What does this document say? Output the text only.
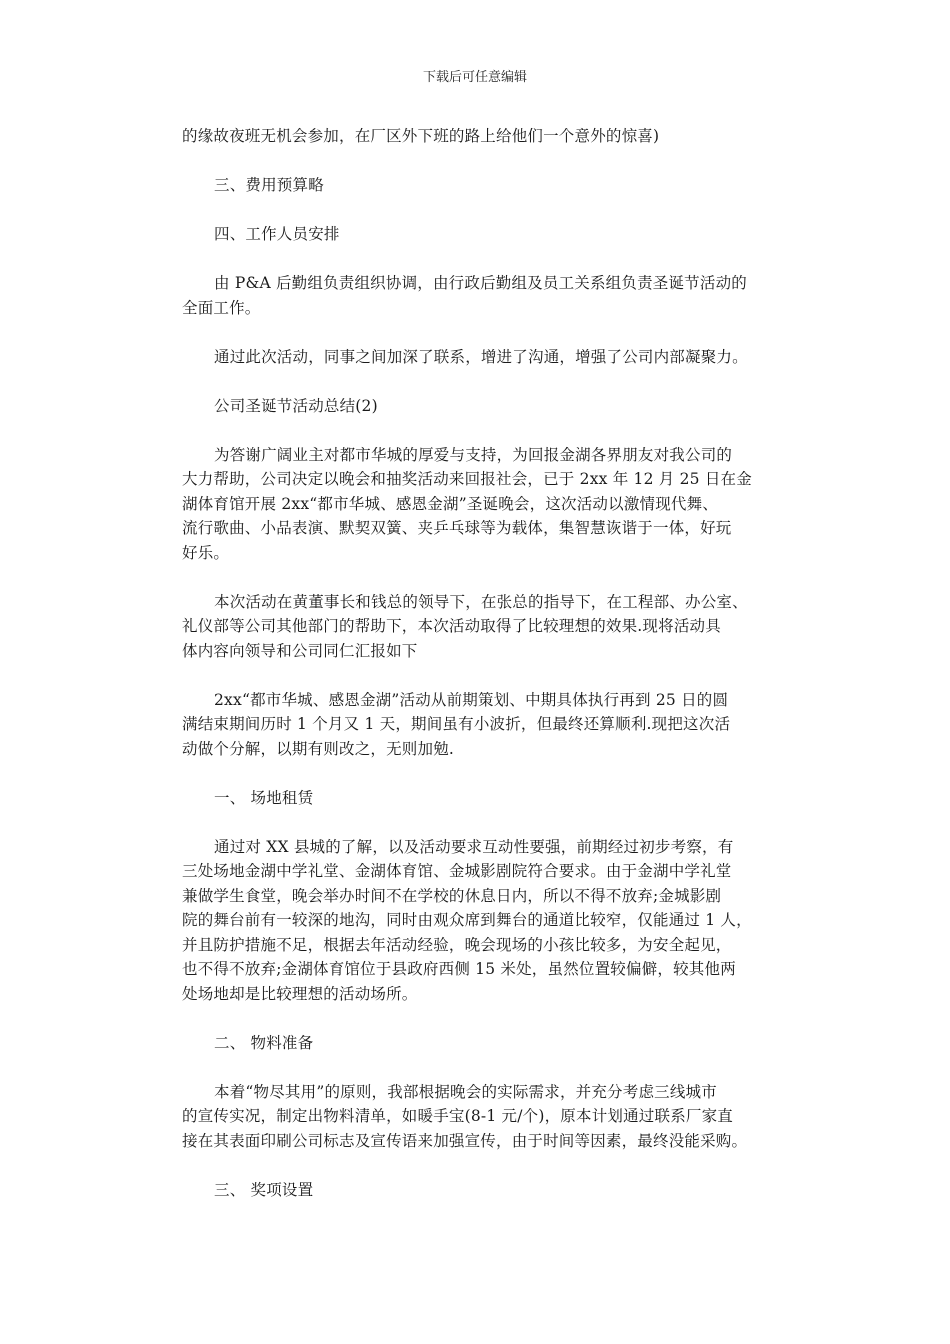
下载后可任意编辑
的缘故夜班无机会参加，在厂区外下班的路上给他们一个意外的惊喜)
三、费用预算略
四、工作人员安排
由 P&A 后勤组负责组织协调，由行政后勤组及员工关系组负责圣诞节活动的
全面工作。
通过此次活动，同事之间加深了联系，增进了沟通，增强了公司内部凝聚力。
公司圣诞节活动总结(2)
为答谢广阔业主对都市华城的厚爱与支持，为回报金湖各界朋友对我公司的
大力帮助，公司决定以晚会和抽奖活动来回报社会，已于 2xx 年 12 月 25 日在金
湖体育馆开展 2xx“都市华城、感恩金湖”圣诞晚会，这次活动以激情现代舞、
流行歌曲、小品表演、默契双簧、夹乒乓球等为载体，集智慧诙谐于一体，好玩
好乐。
本次活动在黄董事长和钱总的领导下，在张总的指导下，在工程部、办公室、
礼仪部等公司其他部门的帮助下，本次活动取得了比较理想的效果.现将活动具
体内容向领导和公司同仁汇报如下
2xx“都市华城、感恩金湖”活动从前期策划、中期具体执行再到 25 日的圆
满结束期间历时 1 个月又 1 天，期间虽有小波折，但最终还算顺利.现把这次活
动做个分解，以期有则改之，无则加勉.
一、 场地租赁
通过对 XX 县城的了解，以及活动要求互动性要强，前期经过初步考察，有
三处场地金湖中学礼堂、金湖体育馆、金城影剧院符合要求。由于金湖中学礼堂
兼做学生食堂，晚会举办时间不在学校的休息日内，所以不得不放弃;金城影剧
院的舞台前有一较深的地沟，同时由观众席到舞台的通道比较窄，仅能通过 1 人，
并且防护措施不足，根据去年活动经验，晚会现场的小孩比较多，为安全起见，
也不得不放弃;金湖体育馆位于县政府西侧 15 米处，虽然位置较偏僻，较其他两
处场地却是比较理想的活动场所。
二、 物料准备
本着“物尽其用”的原则，我部根据晚会的实际需求，并充分考虑三线城市
的宣传实况，制定出物料清单，如暖手宝(8-1 元/个)，原本计划通过联系厂家直
接在其表面印刷公司标志及宣传语来加强宣传，由于时间等因素，最终没能采购。
三、 奖项设置
